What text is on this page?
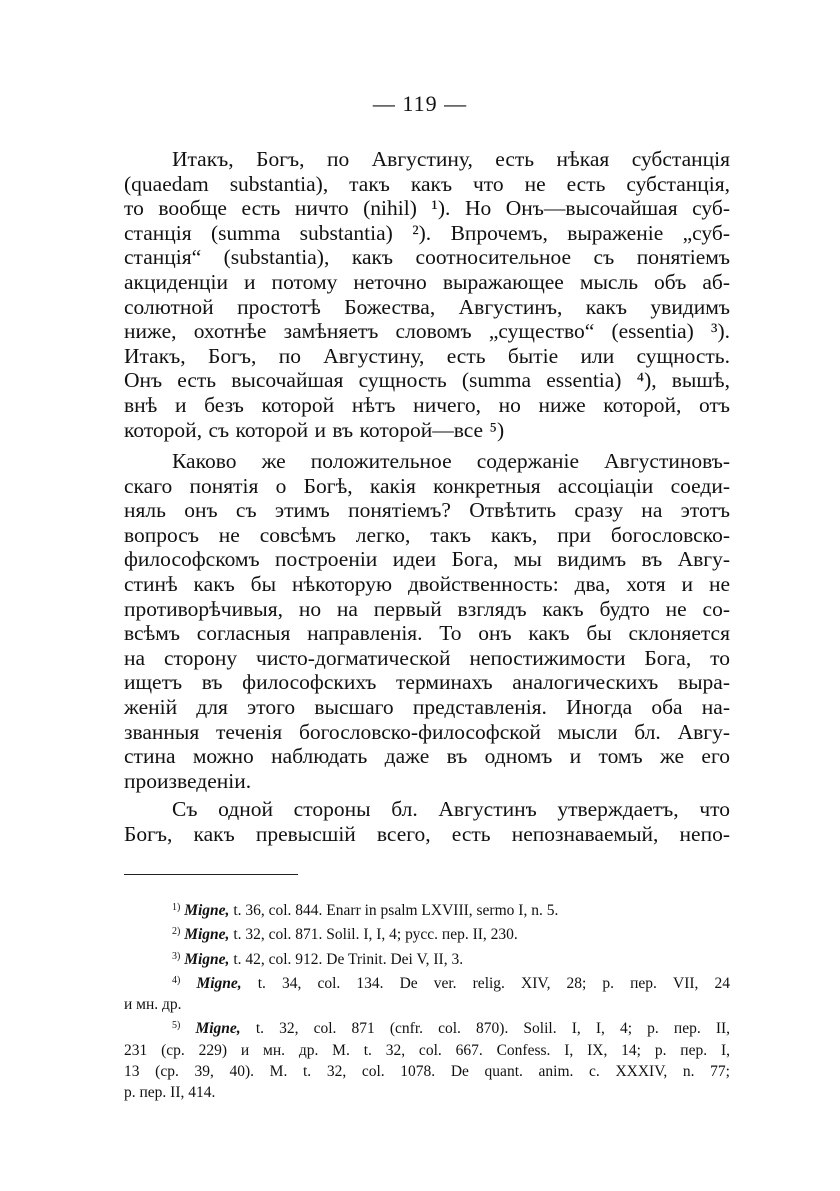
— 119 —
Итакъ, Богъ, по Августину, есть нѣкая субстанція
(quaedam substantia), такъ какъ что не есть субстанція,
то вообще есть ничто (nihil) ¹). Но Онъ—высочайшая суб-
станція (summa substantia) ²). Впрочемъ, выраженіе „суб-
станція“ (substantia), какъ соотносительное съ понятіемъ
акциденціи и потому неточно выражающее мысль объ аб-
солютной простотѣ Божества, Августинъ, какъ увидимъ
ниже, охотнѣе замѣняетъ словомъ „существо“ (essentia) ³).
Итакъ, Богъ, по Августину, есть бытіе или сущность.
Онъ есть высочайшая сущность (summa essentia) ⁴), вышѣ,
внѣ и безъ которой нѣтъ ничего, но ниже которой, отъ
которой, съ которой и въ которой—все ⁵)
Каково же положительное содержаніе Августиновъ-
скаго понятія о Богѣ, какія конкретныя ассоціаціи соеди-
няль онъ съ этимъ понятіемъ? Отвѣтить сразу на этотъ
вопросъ не совсѣмъ легко, такъ какъ, при богословско-
философскомъ построеніи идеи Бога, мы видимъ въ Авгу-
стинѣ какъ бы нѣкоторую двойственность: два, хотя и не
противорѣчивыя, но на первый взглядъ какъ будто не со-
всѣмъ согласныя направленія. То онъ какъ бы склоняется
на сторону чисто-догматической непостижимости Бога, то
ищетъ въ философскихъ терминахъ аналогическихъ выра-
женій для этого высшаго представленія. Иногда оба на-
званныя теченія богословско-философской мысли бл. Авгу-
стина можно наблюдать даже въ одномъ и томъ же его
произведеніи.
Съ одной стороны бл. Августинъ утверждаетъ, что
Богъ, какъ превысшій всего, есть непознаваемый, непо-
$^{1)}$ Migne, t. 36, col. 844. Enarr in psalm LXVIII, sermo I, n. 5.
$^{2)}$ Migne, t. 32, col. 871. Solil. I, I, 4; русс. пер. II, 230.
$^{3)}$ Migne, t. 42, col. 912. De Trinit. Dei V, II, 3.
$^{4)}$ Migne, t. 34, col. 134. De ver. relig. XIV, 28; р. пер. VII, 24
и мн. др.
$^{5)}$ Migne, t. 32, col. 871 (cnfr. col. 870). Solil. I, I, 4; р. пер. II,
231 (ср. 229) и мн. др. M. t. 32, col. 667. Confess. I, IX, 14; р. пер. I,
13 (ср. 39, 40). M. t. 32, col. 1078. De quant. anim. c. XXXIV, n. 77;
р. пер. II, 414.
